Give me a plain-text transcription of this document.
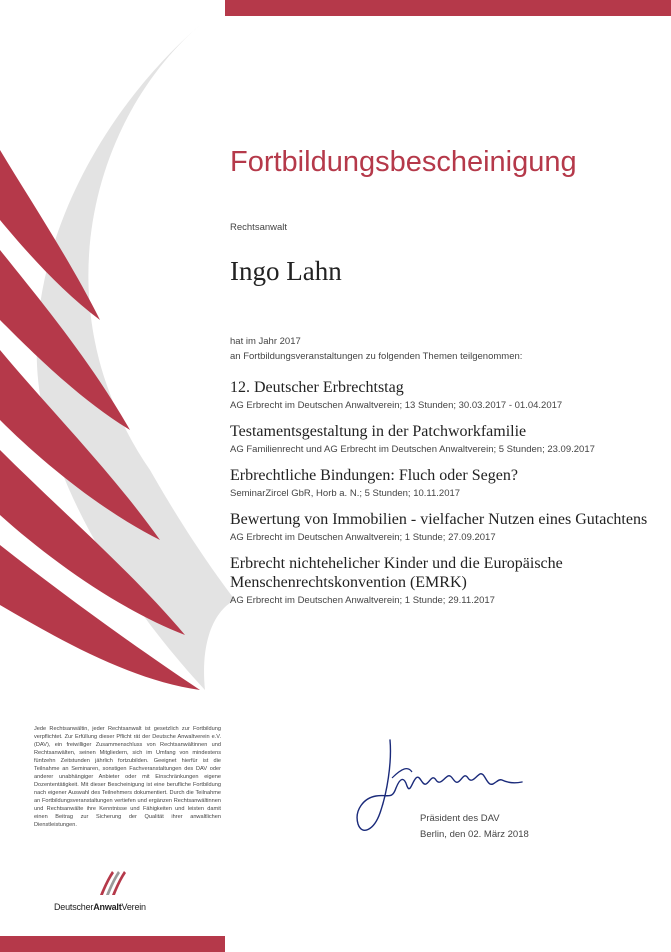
Fortbildungsbescheinigung
Rechtsanwalt
Ingo Lahn
hat im Jahr 2017
an Fortbildungsveranstaltungen zu folgenden Themen teilgenommen:
12. Deutscher Erbrechtstag
AG Erbrecht im Deutschen Anwaltverein; 13 Stunden; 30.03.2017 - 01.04.2017
Testamentsgestaltung in der Patchworkfamilie
AG Familienrecht und AG Erbrecht im Deutschen Anwaltverein; 5 Stunden; 23.09.2017
Erbrechtliche Bindungen: Fluch oder Segen?
SeminarZircel GbR, Horb a. N.; 5 Stunden; 10.11.2017
Bewertung von Immobilien - vielfacher Nutzen eines Gutachtens
AG Erbrecht im Deutschen Anwaltverein; 1 Stunde; 27.09.2017
Erbrecht nichtehelicher Kinder und die Europäische Menschenrechtskonvention (EMRK)
AG Erbrecht im Deutschen Anwaltverein; 1 Stunde; 29.11.2017
Jede Rechtsanwältin, jeder Rechtsanwalt ist gesetzlich zur Fortbildung verpflichtet. Zur Erfüllung dieser Pflicht rät der Deutsche Anwaltverein e.V. (DAV), ein freiwilliger Zusammenschluss von Rechtsanwältinnen und Rechtsanwälten, seinen Mitgliedern, sich im Umfang von mindestens fünfzehn Zeitstunden jährlich fortzubilden. Geeignet hierfür ist die Teilnahme an Seminaren, sonstigen Fachveranstaltungen des DAV oder anderer unabhängiger Anbieter oder mit Einschränkungen eigene Dozententätigkeit. Mit dieser Bescheinigung ist eine berufliche Fortbildung nach eigener Auswahl des Teilnehmers dokumentiert. Durch die Teilnahme an Fortbildungsveranstaltungen vertiefen und ergänzen Rechtsanwältinnen und Rechtsanwälte ihre Kenntnisse und Fähigkeiten und leisten damit einen Beitrag zur Sicherung der Qualität ihrer anwaltlichen Dienstleistungen.
Präsident des DAV
Berlin, den 02. März 2018
DeutscherAnwaltVerein
